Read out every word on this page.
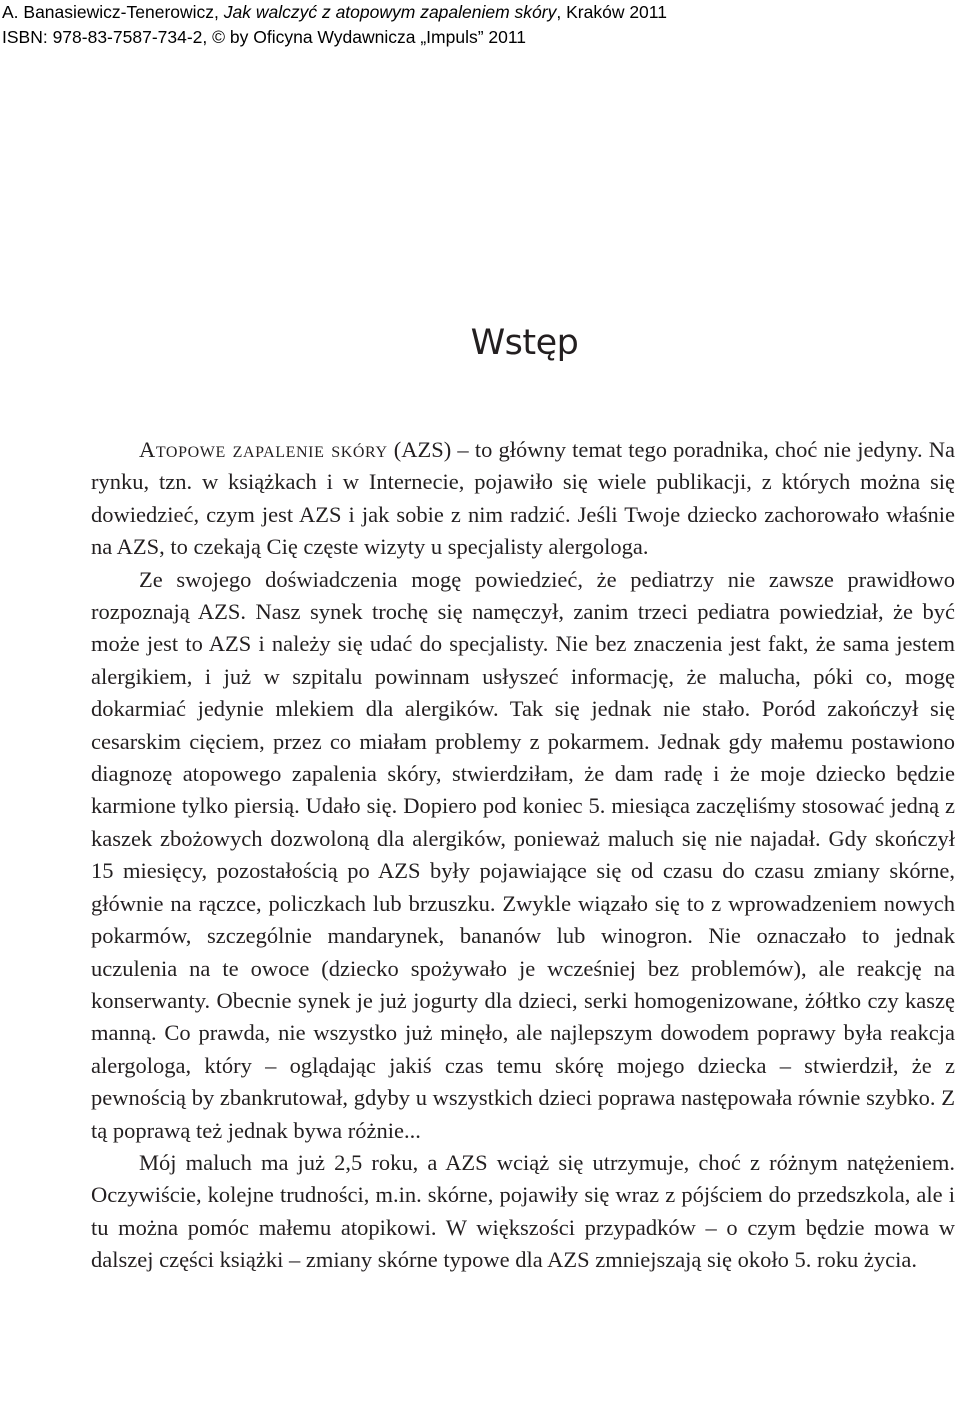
A. Banasiewicz-Tenerowicz, Jak walczyć z atopowym zapaleniem skóry, Kraków 2011
ISBN: 978-83-7587-734-2, © by Oficyna Wydawnicza „Impuls” 2011
Wstęp

Atopowe zapalenie skóry (AZS) – to główny temat tego poradnika, choć nie jedyny. Na rynku, tzn. w książkach i w Internecie, pojawiło się wiele publikacji, z których można się dowiedzieć, czym jest AZS i jak sobie z nim radzić. Jeśli Twoje dziecko zachorowało właśnie na AZS, to czekają Cię częste wizyty u specjalisty alergologa.

Ze swojego doświadczenia mogę powiedzieć, że pediatrzy nie zawsze prawidłowo rozpoznają AZS. Nasz synek trochę się namęczył, zanim trzeci pediatra powiedział, że być może jest to AZS i należy się udać do specjalisty. Nie bez znaczenia jest fakt, że sama jestem alergikiem, i już w szpitalu powinnam usłyszeć informację, że malucha, póki co, mogę dokarmiać jedynie mlekiem dla alergików. Tak się jednak nie stało. Poród zakończył się cesarskim cięciem, przez co miałam problemy z pokarmem. Jednak gdy małemu postawiono diagnozę atopowego zapalenia skóry, stwierdziłam, że dam radę i że moje dziecko będzie karmione tylko piersią. Udało się. Dopiero pod koniec 5. miesiąca zaczęliśmy stosować jedną z kaszek zbożowych dozwoloną dla alergików, ponieważ maluch się nie najadał. Gdy skończył 15 miesięcy, pozostałością po AZS były pojawiające się od czasu do czasu zmiany skórne, głównie na rączce, policzkach lub brzuszku. Zwykle wiązało się to z wprowadzeniem nowych pokarmów, szczególnie mandarynek, bananów lub winogron. Nie oznaczało to jednak uczulenia na te owoce (dziecko spożywało je wcześniej bez problemów), ale reakcję na konserwanty. Obecnie synek je już jogurty dla dzieci, serki homogenizowane, żółtko czy kaszę manną. Co prawda, nie wszystko już minęło, ale najlepszym dowodem poprawy była reakcja alergologa, który – oglądając jakiś czas temu skórę mojego dziecka – stwierdził, że z pewnością by zbankrutował, gdyby u wszystkich dzieci poprawa następowała równie szybko. Z tą poprawą też jednak bywa różnie...

Mój maluch ma już 2,5 roku, a AZS wciąż się utrzymuje, choć z różnym natężeniem. Oczywiście, kolejne trudności, m.in. skórne, pojawiły się wraz z pójściem do przedszkola, ale i tu można pomóc małemu atopikowi. W większości przypadków – o czym będzie mowa w dalszej części książki – zmiany skórne typowe dla AZS zmniejszają się około 5. roku życia.
